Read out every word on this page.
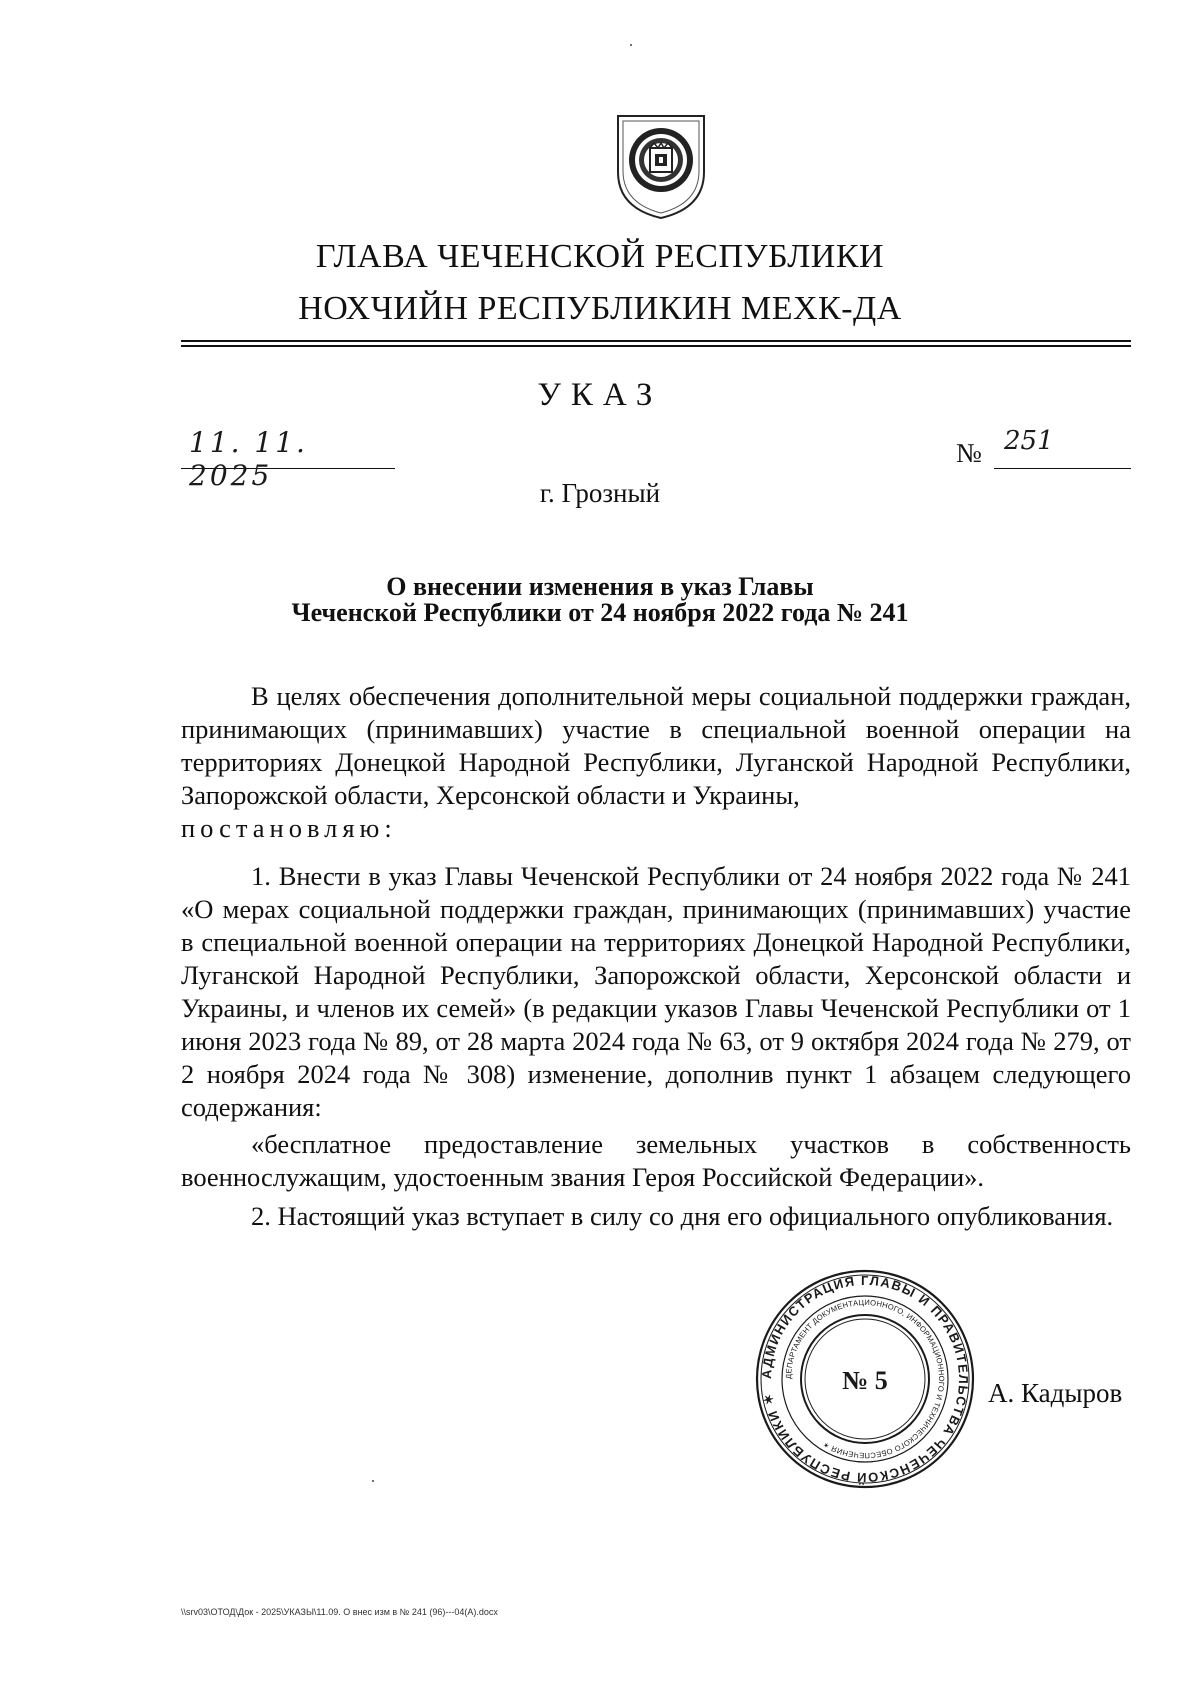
ГЛАВА ЧЕЧЕНСКОЙ РЕСПУБЛИКИ
НОХЧИЙН РЕСПУБЛИКИН МЕХК-ДА
УКАЗ
11. 11. 2025
№ 251
г. Грозный
О внесении изменения в указ Главы
Чеченской Республики от 24 ноября 2022 года № 241

В целях обеспечения дополнительной меры социальной поддержки граждан, принимающих (принимавших) участие в специальной военной операции на территориях Донецкой Народной Республики, Луганской Народной Республики, Запорожской области, Херсонской области и Украины,
постановляю:

1. Внести в указ Главы Чеченской Республики от 24 ноября 2022 года № 241 «О мерах социальной поддержки граждан, принимающих (принимавших) участие в специальной военной операции на территориях Донецкой Народной Республики, Луганской Народной Республики, Запорожской области, Херсонской области и Украины, и членов их семей» (в редакции указов Главы Чеченской Республики от 1 июня 2023 года № 89, от 28 марта 2024 года № 63, от 9 октября 2024 года № 279, от 2 ноября 2024 года № 308) изменение, дополнив пункт 1 абзацем следующего содержания:

«бесплатное предоставление земельных участков в собственность военнослужащим, удостоенным звания Героя Российской Федерации».

2. Настоящий указ вступает в силу со дня его официального опубликования.

А. Кадыров
АДМИНИСТРАЦИЯ ГЛАВЫ И ПРАВИТЕЛЬСТВА ЧЕЧЕНСКОЙ РЕСПУБЛИКИ ✶
ДЕПАРТАМЕНТ ДОКУМЕНТАЦИОННОГО, ИНФОРМАЦИОННОГО И ТЕХНИЧЕСКОГО ОБЕСПЕЧЕНИЯ ✶
№ 5
\\srv03\ОТОД\Док - 2025\УКАЗЫ\11.09. О внес изм в № 241 (96)---04(А).docx
